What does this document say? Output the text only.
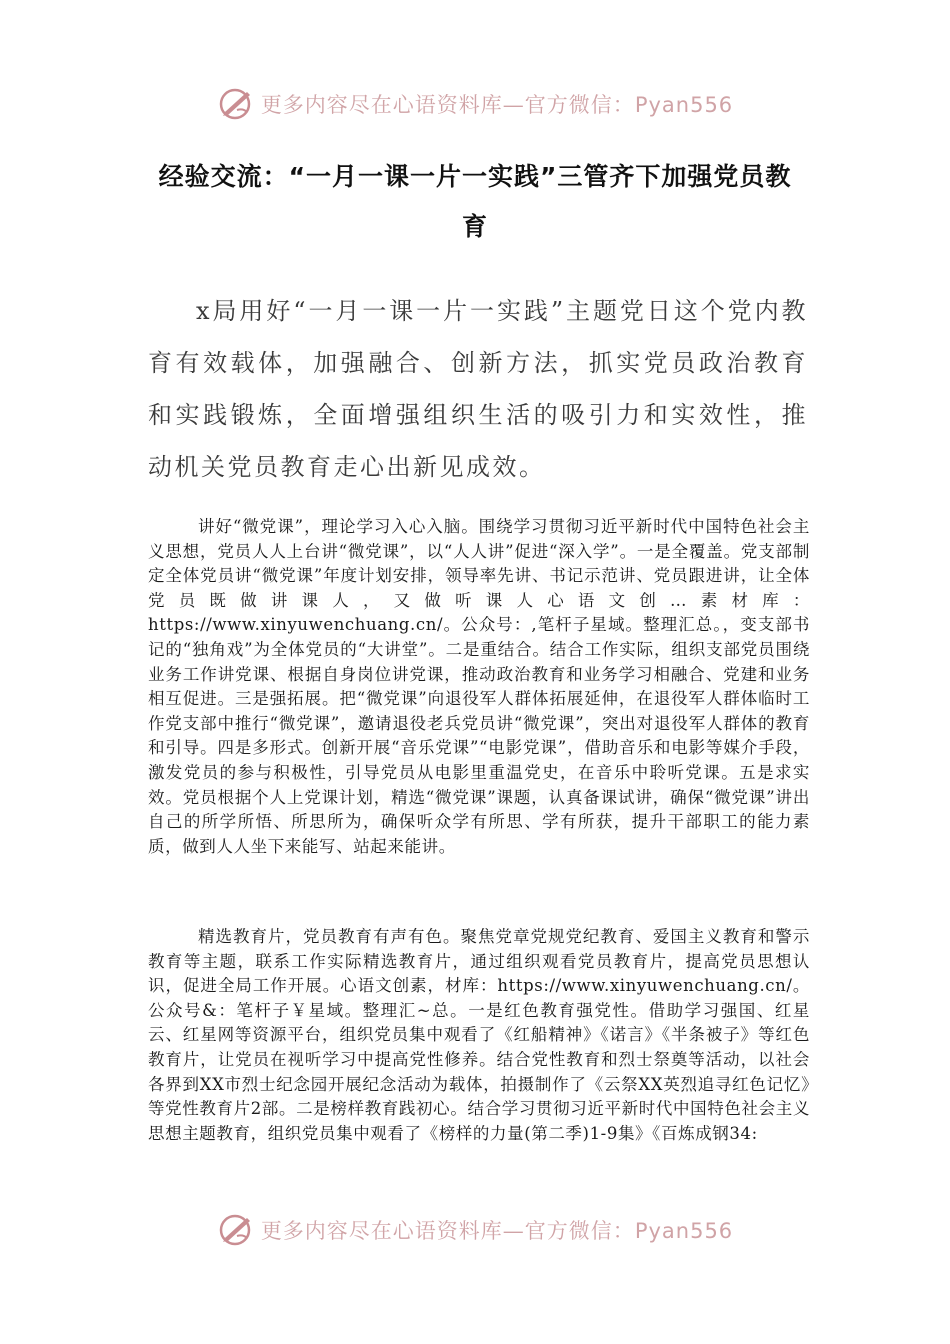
更多内容尽在心语资料库—官方微信：Pyan556
经验交流：“一月一课一片一实践”三管齐下加强党员教育

x局用好“一月一课一片一实践”主题党日这个党内教育有效载体，加强融合、创新方法，抓实党员政治教育和实践锻炼，全面增强组织生活的吸引力和实效性，推动机关党员教育走心出新见成效。

讲好“微党课”，理论学习入心入脑。围绕学习贯彻习近平新时代中国特色社会主义思想，党员人人上台讲“微党课”，以“人人讲”促进“深入学”。一是全覆盖。党支部制定全体党员讲“微党课”年度计划安排，领导率先讲、书记示范讲、党员跟进讲，让全体党员既做讲课人，又做听课人心语文创…素材库：https://www.xinyuwenchuang.cn/。公众号：,笔杆子星域。整理汇总。，变支部书记的“独角戏”为全体党员的“大讲堂”。二是重结合。结合工作实际，组织支部党员围绕业务工作讲党课、根据自身岗位讲党课，推动政治教育和业务学习相融合、党建和业务相互促进。三是强拓展。把“微党课”向退役军人群体拓展延伸，在退役军人群体临时工作党支部中推行“微党课”，邀请退役老兵党员讲“微党课”，突出对退役军人群体的教育和引导。四是多形式。创新开展“音乐党课”“电影党课”，借助音乐和电影等媒介手段，激发党员的参与积极性，引导党员从电影里重温党史，在音乐中聆听党课。五是求实效。党员根据个人上党课计划，精选“微党课”课题，认真备课试讲，确保“微党课”讲出自己的所学所悟、所思所为，确保听众学有所思、学有所获，提升干部职工的能力素质，做到人人坐下来能写、站起来能讲。

精选教育片，党员教育有声有色。聚焦党章党规党纪教育、爱国主义教育和警示教育等主题，联系工作实际精选教育片，通过组织观看党员教育片，提高党员思想认识，促进全局工作开展。心语文创素，材库：https://www.xinyuwenchuang.cn/。公众号&：笔杆子￥星域。整理汇~总。一是红色教育强党性。借助学习强国、红星云、红星网等资源平台，组织党员集中观看了《红船精神》《诺言》《半条被子》等红色教育片，让党员在视听学习中提高党性修养。结合党性教育和烈士祭奠等活动，以社会各界到XX市烈士纪念园开展纪念活动为载体，拍摄制作了《云祭XX英烈追寻红色记忆》等党性教育片2部。二是榜样教育践初心。结合学习贯彻习近平新时代中国特色社会主义思想主题教育，组织党员集中观看了《榜样的力量(第二季)1-9集》《百炼成钢34:

更多内容尽在心语资料库—官方微信：Pyan556
